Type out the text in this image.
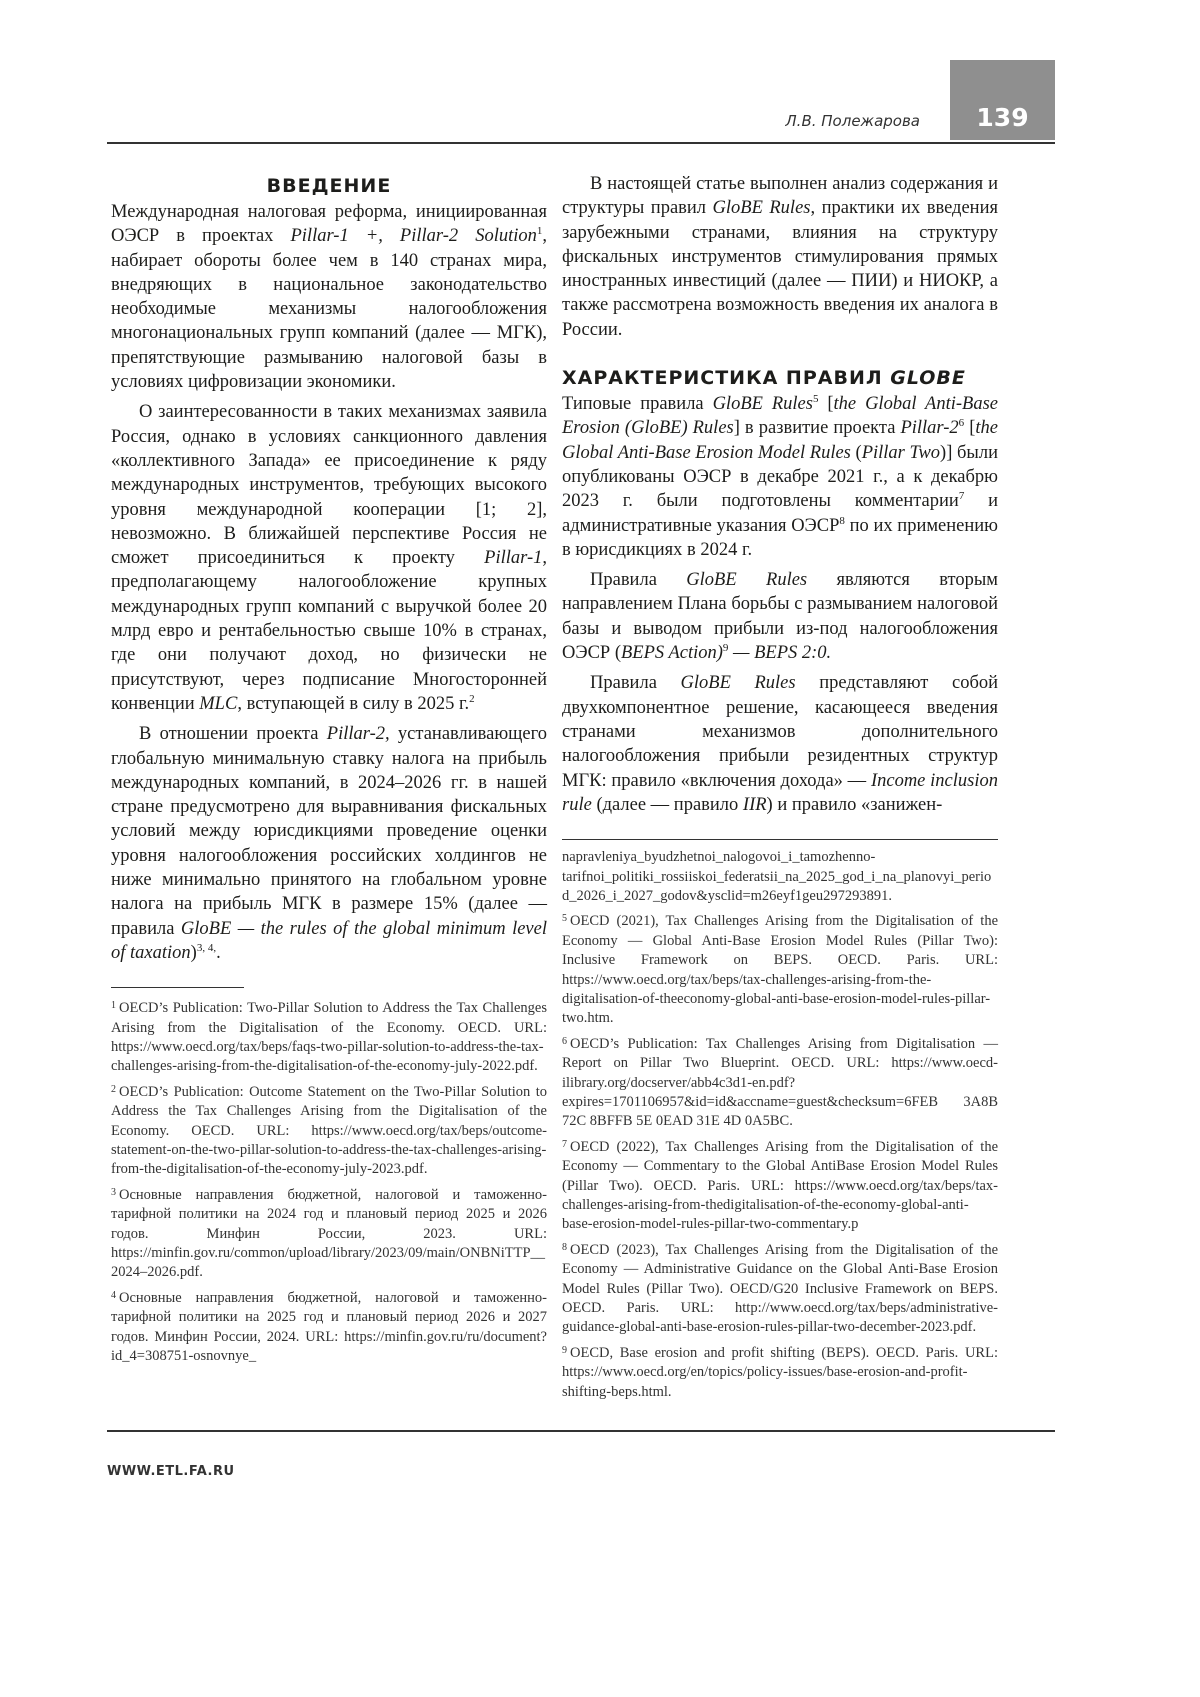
139
Л.В. Полежарова
ВВЕДЕНИЕ

Международная налоговая реформа, инициированная ОЭСР в проектах Pillar-1 +, Pillar-2 Solution$^1$, набирает обороты более чем в 140 странах мира, внедряющих в национальное законодательство необходимые механизмы налогообложения многонациональных групп компаний (далее — МГК), препятствующие размыванию налоговой базы в условиях цифровизации экономики.

О заинтересованности в таких механизмах заявила Россия, однако в условиях санкционного давления «коллективного Запада» ее присоединение к ряду международных инструментов, требующих высокого уровня международной кооперации [1; 2], невозможно. В ближайшей перспективе Россия не сможет присоединиться к проекту Pillar-1, предполагающему налогообложение крупных международных групп компаний с выручкой более 20 млрд евро и рентабельностью свыше 10% в странах, где они получают доход, но физически не присутствуют, через подписание Многосторонней конвенции MLC, вступающей в силу в 2025 г.$^2$

В отношении проекта Pillar-2, устанавливающего глобальную минимальную ставку налога на прибыль международных компаний, в 2024–2026 гг. в нашей стране предусмотрено для выравнивания фискальных условий между юрисдикциями проведение оценки уровня налогообложения российских холдингов не ниже минимально принятого на глобальном уровне налога на прибыль МГК в размере 15% (далее — правила GloBE — the rules of the global minimum level of taxation)$^{3, 4,}$.

$^1$ OECD’s Publication: Two-Pillar Solution to Address the Tax Challenges Arising from the Digitalisation of the Economy. OECD. URL: https://www.oecd.org/tax/beps/faqs-two-pillar-solution-to-address-the-tax-challenges-arising-from-the-digitalisation-of-the-economy-july-2022.pdf.

$^2$ OECD’s Publication: Outcome Statement on the Two-Pillar Solution to Address the Tax Challenges Arising from the Digitalisation of the Economy. OECD. URL: https://www.oecd.org/tax/beps/outcome-statement-on-the-two-pillar-solution-to-address-the-tax-challenges-arising-from-the-digitalisation-of-the-economy-july-2023.pdf.

$^3$ Основные направления бюджетной, налоговой и таможенно-тарифной политики на 2024 год и плановый период 2025 и 2026 годов. Минфин России, 2023. URL: https://minfin.gov.ru/common/upload/library/2023/09/main/ONBNiTTP__2024–2026.pdf.

$^4$ Основные направления бюджетной, налоговой и таможенно-тарифной политики на 2025 год и плановый период 2026 и 2027 годов. Минфин России, 2024. URL: https://minfin.gov.ru/ru/document?id_4=308751-osnovnye_

В настоящей статье выполнен анализ содержания и структуры правил GloBE Rules, практики их введения зарубежными странами, влияния на структуру фискальных инструментов стимулирования прямых иностранных инвестиций (далее — ПИИ) и НИОКР, а также рассмотрена возможность введения их аналога в России.

ХАРАКТЕРИСТИКА ПРАВИЛ GLOBE

Типовые правила GloBE Rules$^5$ [the Global Anti-Base Erosion (GloBE) Rules] в развитие проекта Pillar-$2^6$ [the Global Anti-Base Erosion Model Rules (Pillar Two)] были опубликованы ОЭСР в декабре 2021 г., а к декабрю 2023 г. были подготовлены комментарии$^7$ и административные указания ОЭСР$^8$ по их применению в юрисдикциях в 2024 г.

Правила GloBE Rules являются вторым направлением Плана борьбы с размыванием налоговой базы и выводом прибыли из-под налогообложения ОЭСР (BEPS Action)$^9$ — BEPS 2:0.

Правила GloBE Rules представляют собой двухкомпонентное решение, касающееся введения странами механизмов дополнительного налогообложения прибыли резидентных структур МГК: правило «включения дохода» — Income inclusion rule (далее — правило IIR) и правило «занижен-

napravleniya_byudzhetnoi_nalogovoi_i_tamozhenno-tarifnoi_politiki_rossiiskoi_federatsii_na_2025_god_i_na_planovyi_period_2026_i_2027_godov&ysclid=m26eyf1geu297293891.

$^5$ OECD (2021), Tax Challenges Arising from the Digitalisation of the Economy — Global Anti-Base Erosion Model Rules (Pillar Two): Inclusive Framework on BEPS. OECD. Paris. URL: https://www.oecd.org/tax/beps/tax-challenges-arising-from-the-digitalisation-of-theeconomy-global-anti-base-erosion-model-rules-pillar-two.htm.

$^6$ OECD’s Publication: Tax Challenges Arising from Digitalisation — Report on Pillar Two Blueprint. OECD. URL: https://www.oecd-ilibrary.org/docserver/abb4c3d1-en.pdf?expires=1701106957&id=id&accname=guest&checksum=6FEB 3A8B 72C 8BFFB 5E 0EAD 31E 4D 0A5BC.

$^7$ OECD (2022), Tax Challenges Arising from the Digitalisation of the Economy — Commentary to the Global AntiBase Erosion Model Rules (Pillar Two). OECD. Paris. URL: https://www.oecd.org/tax/beps/tax-challenges-arising-from-thedigitalisation-of-the-economy-global-anti-base-erosion-model-rules-pillar-two-commentary.p

$^8$ OECD (2023), Tax Challenges Arising from the Digitalisation of the Economy — Administrative Guidance on the Global Anti-Base Erosion Model Rules (Pillar Two). OECD/G20 Inclusive Framework on BEPS. OECD. Paris. URL: http://www.oecd.org/tax/beps/administrative-guidance-global-anti-base-erosion-rules-pillar-two-december-2023.pdf.

$^9$ OECD, Base erosion and profit shifting (BEPS). OECD. Paris. URL: https://www.oecd.org/en/topics/policy-issues/base-erosion-and-profit-shifting-beps.html.

WWW.ETL.FA.RU
